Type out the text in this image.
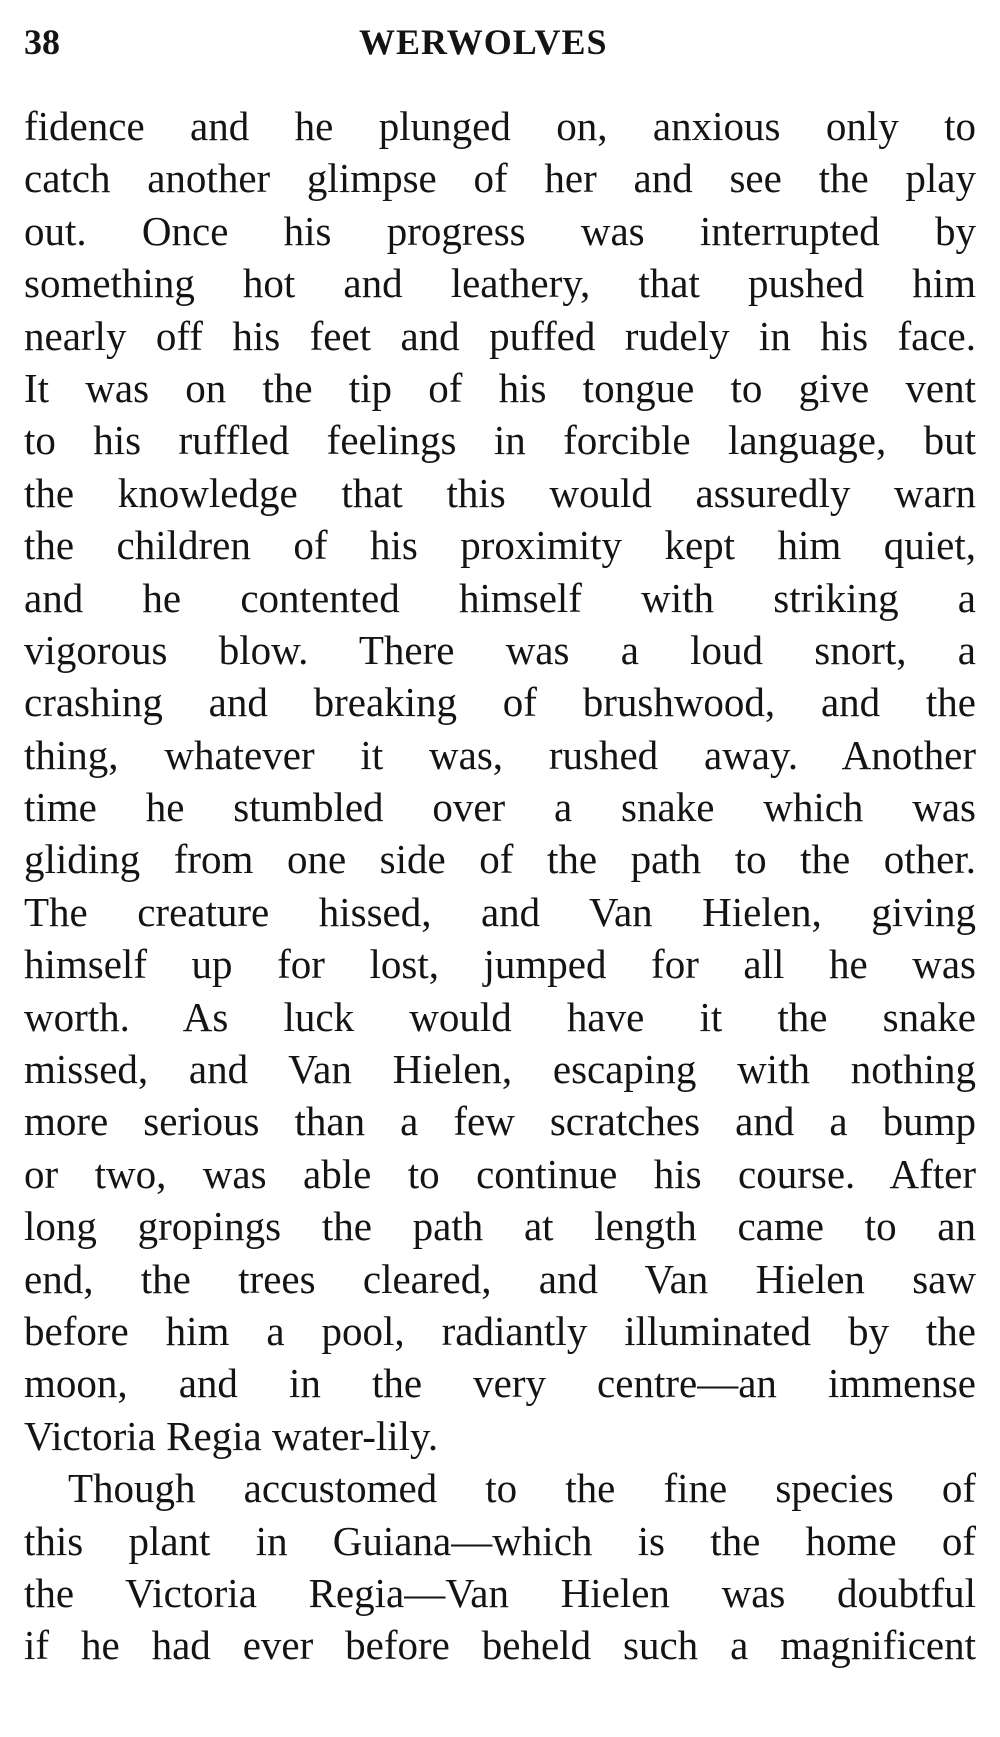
38	WERWOLVES
fidence and he plunged on, anxious only to
catch another glimpse of her and see the play
out. Once his progress was interrupted by
something hot and leathery, that pushed him
nearly off his feet and puffed rudely in his face.
It was on the tip of his tongue to give vent
to his ruffled feelings in forcible language, but
the knowledge that this would assuredly warn
the children of his proximity kept him quiet,
and he contented himself with striking a
vigorous blow. There was a loud snort, a
crashing and breaking of brushwood, and the
thing, whatever it was, rushed away. Another
time he stumbled over a snake which was
gliding from one side of the path to the other.
The creature hissed, and Van Hielen, giving
himself up for lost, jumped for all he was
worth. As luck would have it the snake
missed, and Van Hielen, escaping with nothing
more serious than a few scratches and a bump
or two, was able to continue his course. After
long gropings the path at length came to an
end, the trees cleared, and Van Hielen saw
before him a pool, radiantly illuminated by the
moon, and in the very centre—an immense
Victoria Regia water-lily.
Though accustomed to the fine species of
this plant in Guiana—which is the home of
the Victoria Regia—Van Hielen was doubtful
if he had ever before beheld such a magnificent
